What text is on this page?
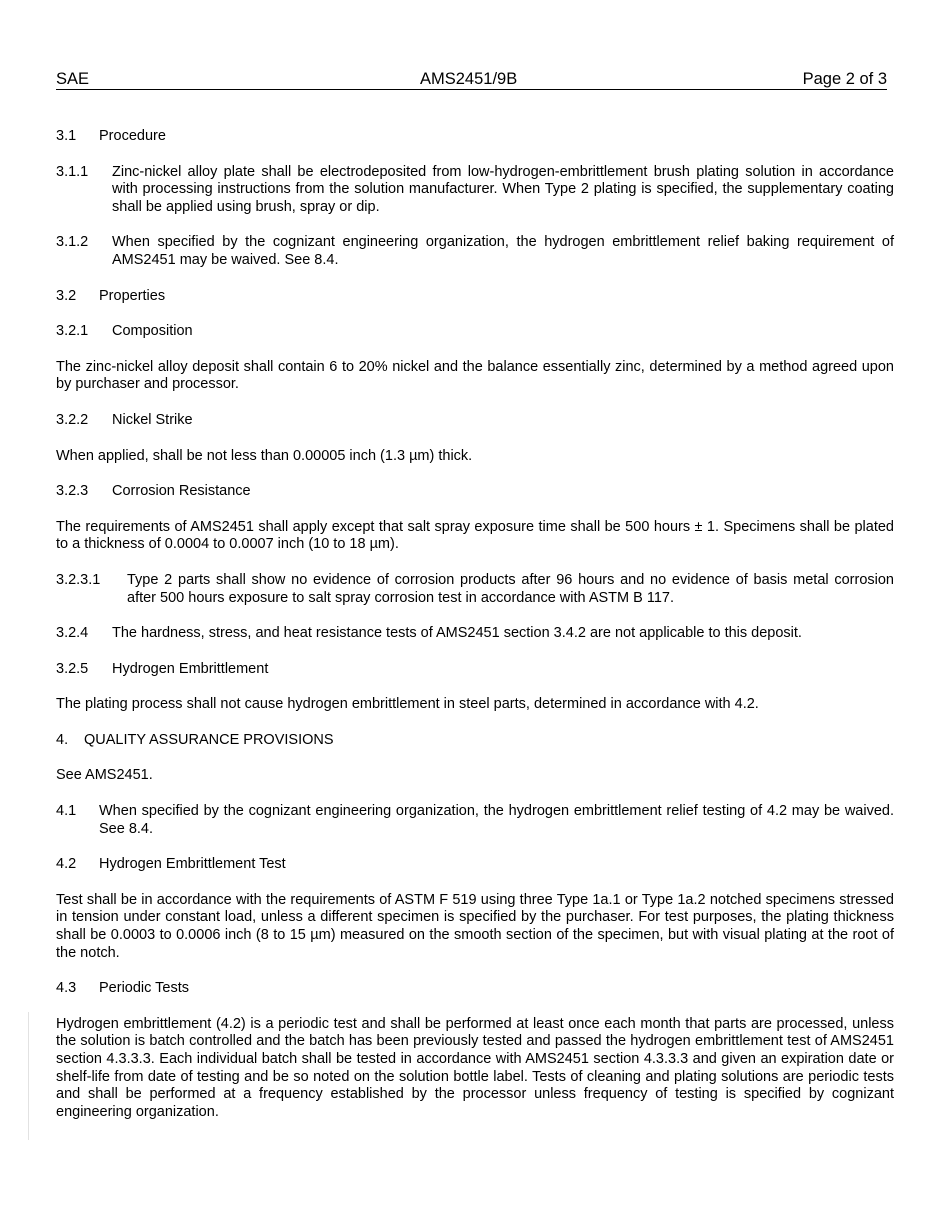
SAE	AMS2451/9B	Page 2 of 3
3.1 Procedure
3.1.1 Zinc-nickel alloy plate shall be electrodeposited from low-hydrogen-embrittlement brush plating solution in accordance with processing instructions from the solution manufacturer. When Type 2 plating is specified, the supplementary coating shall be applied using brush, spray or dip.
3.1.2 When specified by the cognizant engineering organization, the hydrogen embrittlement relief baking requirement of AMS2451 may be waived. See 8.4.
3.2 Properties
3.2.1 Composition
The zinc-nickel alloy deposit shall contain 6 to 20% nickel and the balance essentially zinc, determined by a method agreed upon by purchaser and processor.
3.2.2 Nickel Strike
When applied, shall be not less than 0.00005 inch (1.3 µm) thick.
3.2.3 Corrosion Resistance
The requirements of AMS2451 shall apply except that salt spray exposure time shall be 500 hours ± 1. Specimens shall be plated to a thickness of 0.0004 to 0.0007 inch (10 to 18 µm).
3.2.3.1 Type 2 parts shall show no evidence of corrosion products after 96 hours and no evidence of basis metal corrosion after 500 hours exposure to salt spray corrosion test in accordance with ASTM B 117.
3.2.4 The hardness, stress, and heat resistance tests of AMS2451 section 3.4.2 are not applicable to this deposit.
3.2.5 Hydrogen Embrittlement
The plating process shall not cause hydrogen embrittlement in steel parts, determined in accordance with 4.2.
4. QUALITY ASSURANCE PROVISIONS
See AMS2451.
4.1 When specified by the cognizant engineering organization, the hydrogen embrittlement relief testing of 4.2 may be waived. See 8.4.
4.2 Hydrogen Embrittlement Test
Test shall be in accordance with the requirements of ASTM F 519 using three Type 1a.1 or Type 1a.2 notched specimens stressed in tension under constant load, unless a different specimen is specified by the purchaser. For test purposes, the plating thickness shall be 0.0003 to 0.0006 inch (8 to 15 µm) measured on the smooth section of the specimen, but with visual plating at the root of the notch.
4.3 Periodic Tests
Hydrogen embrittlement (4.2) is a periodic test and shall be performed at least once each month that parts are processed, unless the solution is batch controlled and the batch has been previously tested and passed the hydrogen embrittlement test of AMS2451 section 4.3.3.3. Each individual batch shall be tested in accordance with AMS2451 section 4.3.3.3 and given an expiration date or shelf-life from date of testing and be so noted on the solution bottle label. Tests of cleaning and plating solutions are periodic tests and shall be performed at a frequency established by the processor unless frequency of testing is specified by cognizant engineering organization.
